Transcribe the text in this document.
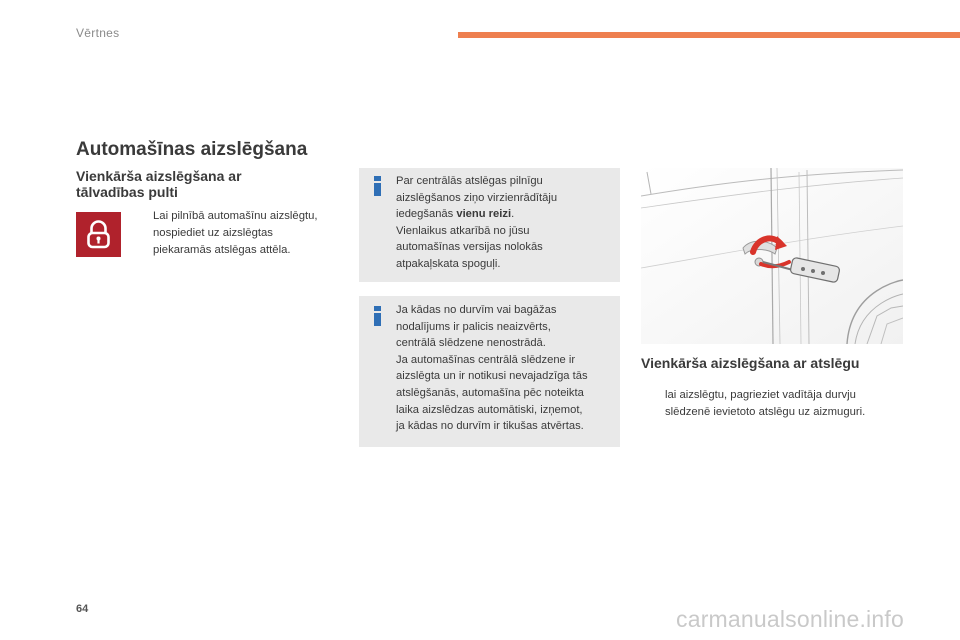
Vērtnes
Automašīnas aizslēgšana
Vienkārša aizslēgšana ar
tālvadības pulti
Lai pilnībā automašīnu aizslēgtu,
nospiediet uz aizslēgtas
piekaramās atslēgas attēla.
Par centrālās atslēgas pilnīgu
aizslēgšanos ziņo virzienrādītāju
iedegšanās vienu reizi.
Vienlaikus atkarībā no jūsu
automašīnas versijas nolokās
atpakaļskata spoguļi.
Ja kādas no durvīm vai bagāžas
nodalījums ir palicis neaizvērts,
centrālā slēdzene nenostrādā.
Ja automašīnas centrālā slēdzene ir
aizslēgta un ir notikusi nevajadzīga tās
atslēgšanās, automašīna pēc noteikta
laika aizslēdzas automātiski, izņemot,
ja kādas no durvīm ir tikušas atvērtas.
Vienkārša aizslēgšana ar atslēgu
lai aizslēgtu, pagrieziet vadītāja durvju
slēdzenē ievietoto atslēgu uz aizmuguri.
64	carmanualsonline.info
